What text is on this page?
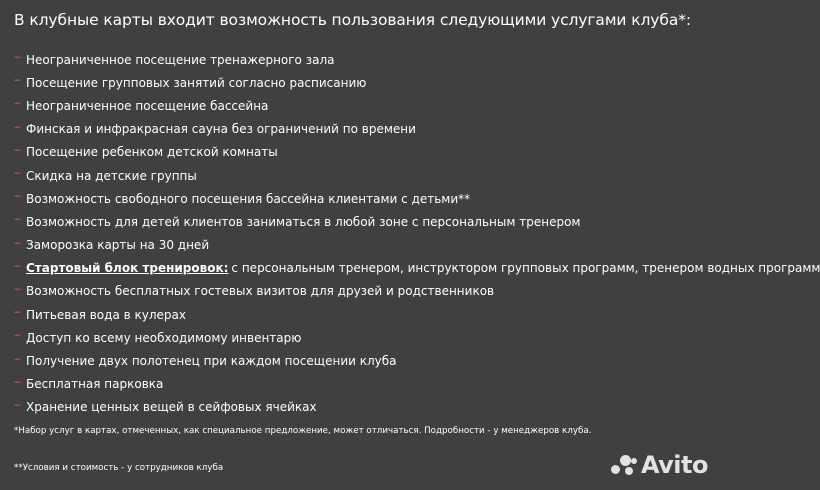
В клубные карты входит возможность пользования следующими услугами клуба*:
‒ Неограниченное посещение тренажерного зала
‒ Посещение групповых занятий согласно расписанию
‒ Неограниченное посещение бассейна
‒ Финская и инфракрасная сауна без ограничений по времени
‒ Посещение ребенком детской комнаты
‒ Скидка на детские группы
‒ Возможность свободного посещения бассейна клиентами с детьми**
‒ Возможность для детей клиентов заниматься в любой зоне с персональным тренером
‒ Заморозка карты на 30 дней
‒ Стартовый блок тренировок: с персональным тренером, инструктором групповых программ, тренером водных программ
‒ Возможность бесплатных гостевых визитов для друзей и родственников
‒ Питьевая вода в кулерах
‒ Доступ ко всему необходимому инвентарю
‒ Получение двух полотенец при каждом посещении клуба
‒ Бесплатная парковка
‒ Хранение ценных вещей в сейфовых ячейках
*Набор услуг в картах, отмеченных, как специальное предложение, может отличаться. Подробности - у менеджеров клуба.
**Условия и стоимость - у сотрудников клуба	Avito
